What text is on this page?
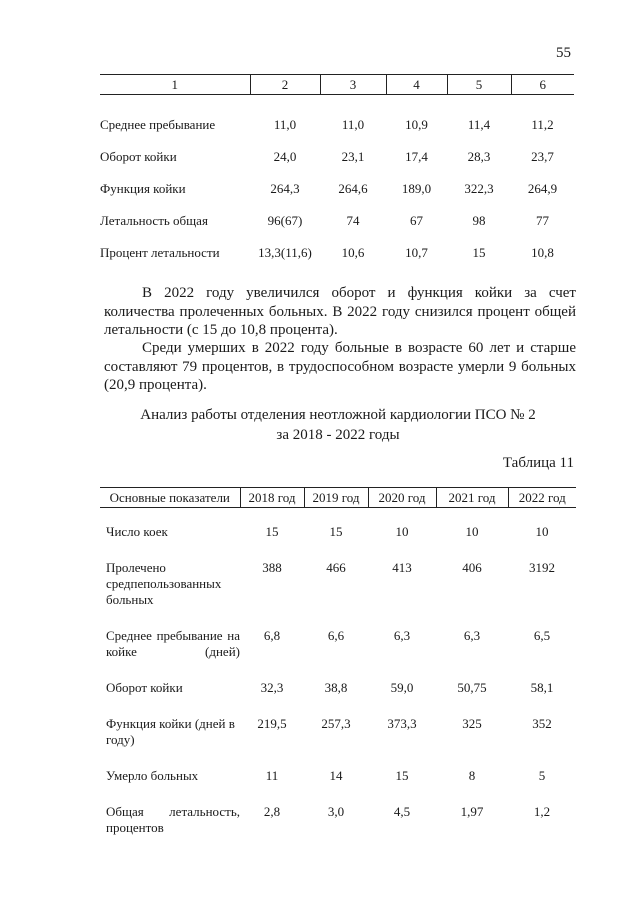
55
1	2	3	4	5	6

Среднее пребывание	11,0	11,0	10,9	11,4	11,2
Оборот койки	24,0	23,1	17,4	28,3	23,7
Функция койки	264,3	264,6	189,0	322,3	264,9
Летальность общая	96(67)	74	67	98	77
Процент летальности	13,3(11,6)	10,6	10,7	15	10,8

В 2022 году увеличился оборот и функция койки за счет

количества пролеченных больных. В 2022 году снизился процент общей летальности (с 15 до 10,8 процента).

Среди умерших в 2022 году больные в возрасте 60 лет и старше

составляют 79 процентов, в трудоспособном возрасте умерли 9 больных (20,9 процента).

Анализ работы отделения неотложной кардиологии ПСО № 2
за 2018 - 2022 годы
Таблица 11
Основные показатели	2018 год	2019 год	2020 год	2021 год	2022 год

Число коек	15	15	10	10	10
Пролечено средпепользованных больных	388	466	413	406	3192

Среднее пребывание на койке (дней)	6,8	6,6	6,3	6,3	6,5
Оборот койки	32,3	38,8	59,0	50,75	58,1
Функция койки (дней в году)	219,5	257,3	373,3	325	352
Умерло больных	11	14	15	8	5

Общая летальность, процентов	2,8	3,0	4,5	1,97	1,2
